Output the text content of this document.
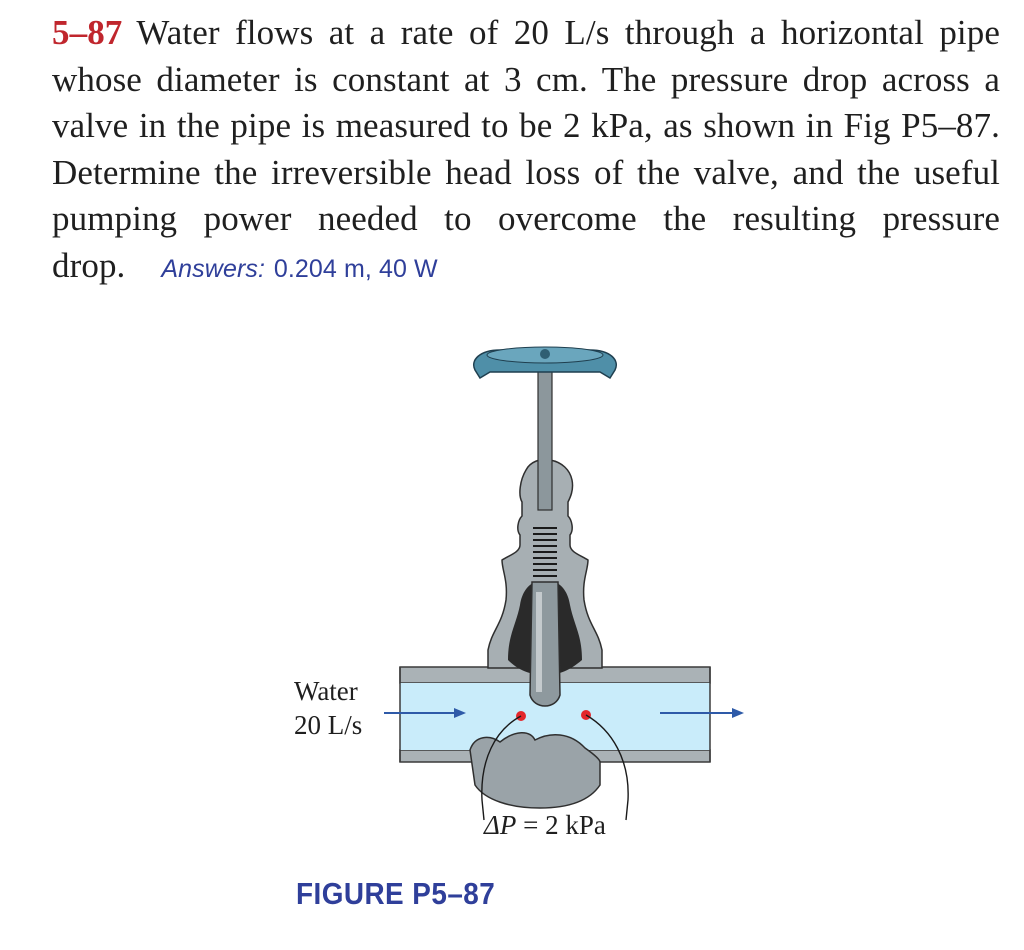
5–87 Water flows at a rate of 20 L/s through a horizontal pipe whose diameter is constant at 3 cm. The pressure drop across a valve in the pipe is measured to be 2 kPa, as shown in Fig P5–87. Determine the irreversible head loss of the valve, and the useful pumping power needed to overcome the resulting pressure drop. Answers: 0.204 m, 40 W
Water
20 L/s
ΔP = 2 kPa
FIGURE P5–87
